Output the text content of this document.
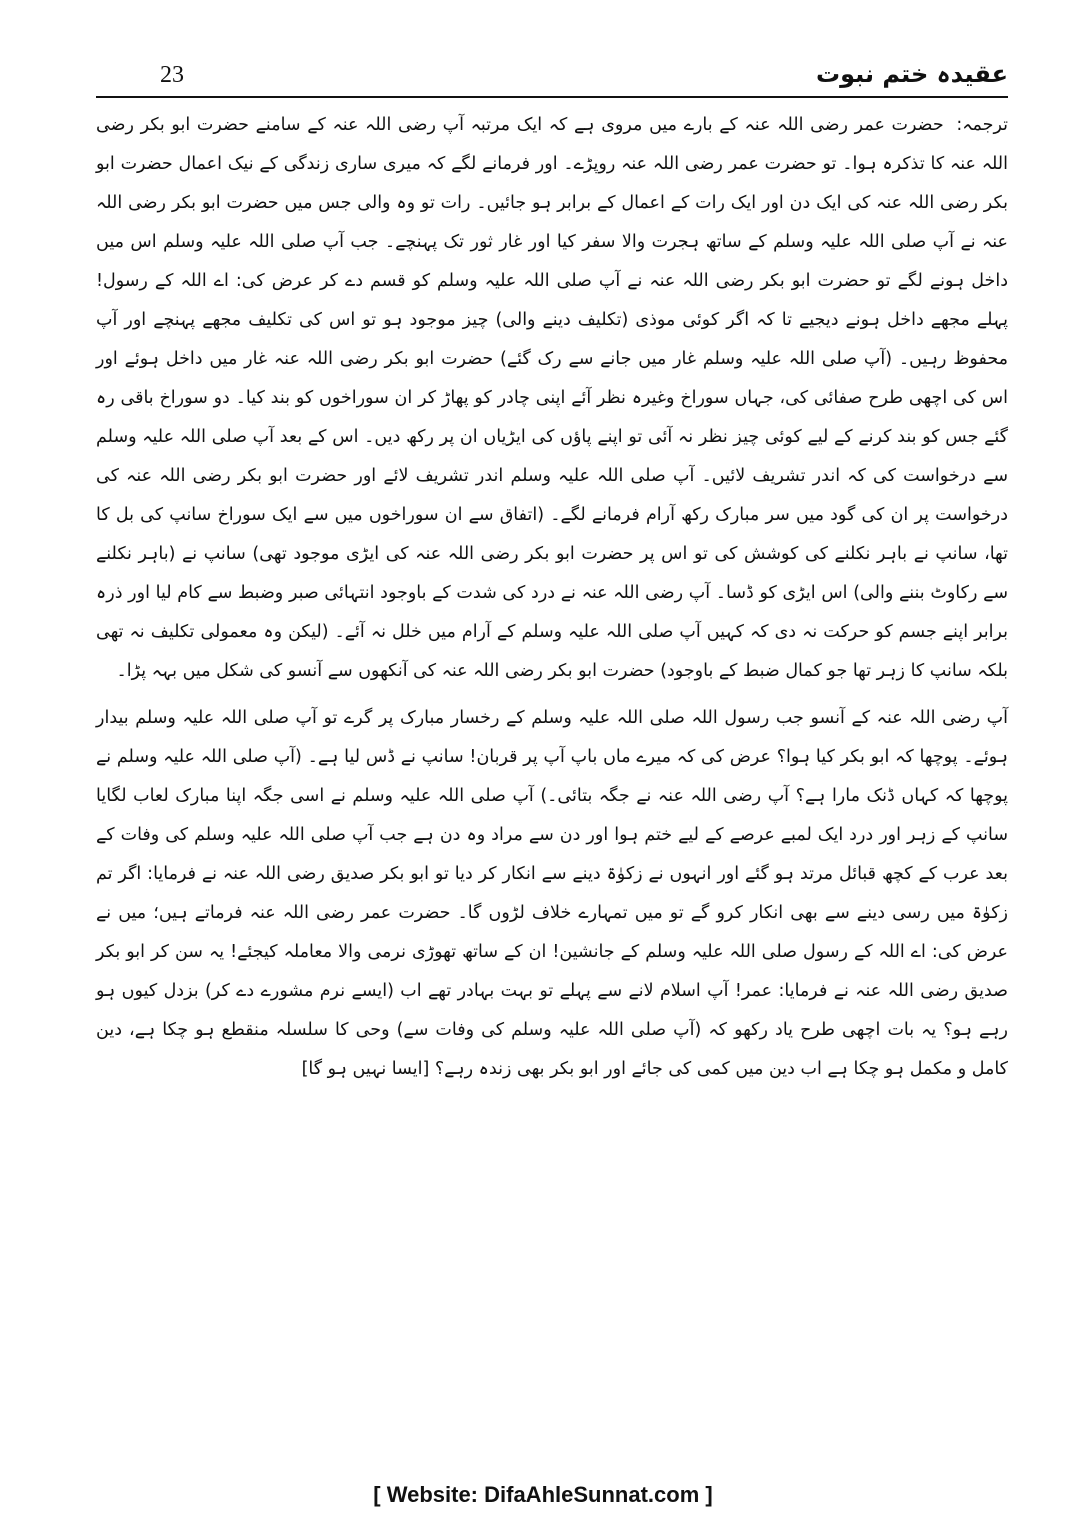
23	عقیدہ ختم نبوت

ترجمہ: حضرت عمر رضی اللہ عنہ کے بارے میں مروی ہے کہ ایک مرتبہ آپ رضی اللہ عنہ کے سامنے حضرت ابو بکر رضی اللہ عنہ کا تذکرہ ہوا۔ تو حضرت عمر رضی اللہ عنہ روپڑے۔ اور فرمانے لگے کہ میری ساری زندگی کے نیک اعمال حضرت ابو بکر رضی اللہ عنہ کی ایک دن اور ایک رات کے اعمال کے برابر ہو جائیں۔ رات تو وہ والی جس میں حضرت ابو بکر رضی اللہ عنہ نے آپ صلی اللہ علیہ وسلم کے ساتھ ہجرت والا سفر کیا اور غار ثور تک پہنچے۔ جب آپ صلی اللہ علیہ وسلم اس میں داخل ہونے لگے تو حضرت ابو بکر رضی اللہ عنہ نے آپ صلی اللہ علیہ وسلم کو قسم دے کر عرض کی: اے اللہ کے رسول! پہلے مجھے داخل ہونے دیجیے تا کہ اگر کوئی موذی (تکلیف دینے والی) چیز موجود ہو تو اس کی تکلیف مجھے پہنچے اور آپ محفوظ رہیں۔ (آپ صلی اللہ علیہ وسلم غار میں جانے سے رک گئے) حضرت ابو بکر رضی اللہ عنہ غار میں داخل ہوئے اور اس کی اچھی طرح صفائی کی، جہاں سوراخ وغیرہ نظر آئے اپنی چادر کو پھاڑ کر ان سوراخوں کو بند کیا۔ دو سوراخ باقی رہ گئے جس کو بند کرنے کے لیے کوئی چیز نظر نہ آئی تو اپنے پاؤں کی ایڑیاں ان پر رکھ دیں۔ اس کے بعد آپ صلی اللہ علیہ وسلم سے درخواست کی کہ اندر تشریف لائیں۔ آپ صلی اللہ علیہ وسلم اندر تشریف لائے اور حضرت ابو بکر رضی اللہ عنہ کی درخواست پر ان کی گود میں سر مبارک رکھ آرام فرمانے لگے۔ (اتفاق سے ان سوراخوں میں سے ایک سوراخ سانپ کی بل کا تھا، سانپ نے باہر نکلنے کی کوشش کی تو اس پر حضرت ابو بکر رضی اللہ عنہ کی ایڑی موجود تھی) سانپ نے (باہر نکلنے سے رکاوٹ بننے والی) اس ایڑی کو ڈسا۔ آپ رضی اللہ عنہ نے درد کی شدت کے باوجود انتہائی صبر وضبط سے کام لیا اور ذرہ برابر اپنے جسم کو حرکت نہ دی کہ کہیں آپ صلی اللہ علیہ وسلم کے آرام میں خلل نہ آئے۔ (لیکن وہ معمولی تکلیف نہ تھی بلکہ سانپ کا زہر تھا جو کمال ضبط کے باوجود) حضرت ابو بکر رضی اللہ عنہ کی آنکھوں سے آنسو کی شکل میں بہہ پڑا۔

آپ رضی اللہ عنہ کے آنسو جب رسول اللہ صلی اللہ علیہ وسلم کے رخسار مبارک پر گرے تو آپ صلی اللہ علیہ وسلم بیدار ہوئے۔ پوچھا کہ ابو بکر کیا ہوا؟ عرض کی کہ میرے ماں باپ آپ پر قربان! سانپ نے ڈس لیا ہے۔ (آپ صلی اللہ علیہ وسلم نے پوچھا کہ کہاں ڈنک مارا ہے؟ آپ رضی اللہ عنہ نے جگہ بتائی۔) آپ صلی اللہ علیہ وسلم نے اسی جگہ اپنا مبارک لعاب لگایا سانپ کے زہر اور درد ایک لمبے عرصے کے لیے ختم ہوا اور دن سے مراد وہ دن ہے جب آپ صلی اللہ علیہ وسلم کی وفات کے بعد عرب کے کچھ قبائل مرتد ہو گئے اور انہوں نے زکوٰۃ دینے سے انکار کر دیا تو ابو بکر صدیق رضی اللہ عنہ نے فرمایا: اگر تم زکوٰۃ میں رسی دینے سے بھی انکار کرو گے تو میں تمہارے خلاف لڑوں گا۔ حضرت عمر رضی اللہ عنہ فرماتے ہیں؛ میں نے عرض کی: اے اللہ کے رسول صلی اللہ علیہ وسلم کے جانشین! ان کے ساتھ تھوڑی نرمی والا معاملہ کیجئے! یہ سن کر ابو بکر صدیق رضی اللہ عنہ نے فرمایا: عمر! آپ اسلام لانے سے پہلے تو بہت بہادر تھے اب (ایسے نرم مشورے دے کر) بزدل کیوں ہو رہے ہو؟ یہ بات اچھی طرح یاد رکھو کہ (آپ صلی اللہ علیہ وسلم کی وفات سے) وحی کا سلسلہ منقطع ہو چکا ہے، دین کامل و مکمل ہو چکا ہے اب دین میں کمی کی جائے اور ابو بکر بھی زندہ رہے؟ [ایسا نہیں ہو گا]

[ Website: DifaAhleSunnat.com ]
